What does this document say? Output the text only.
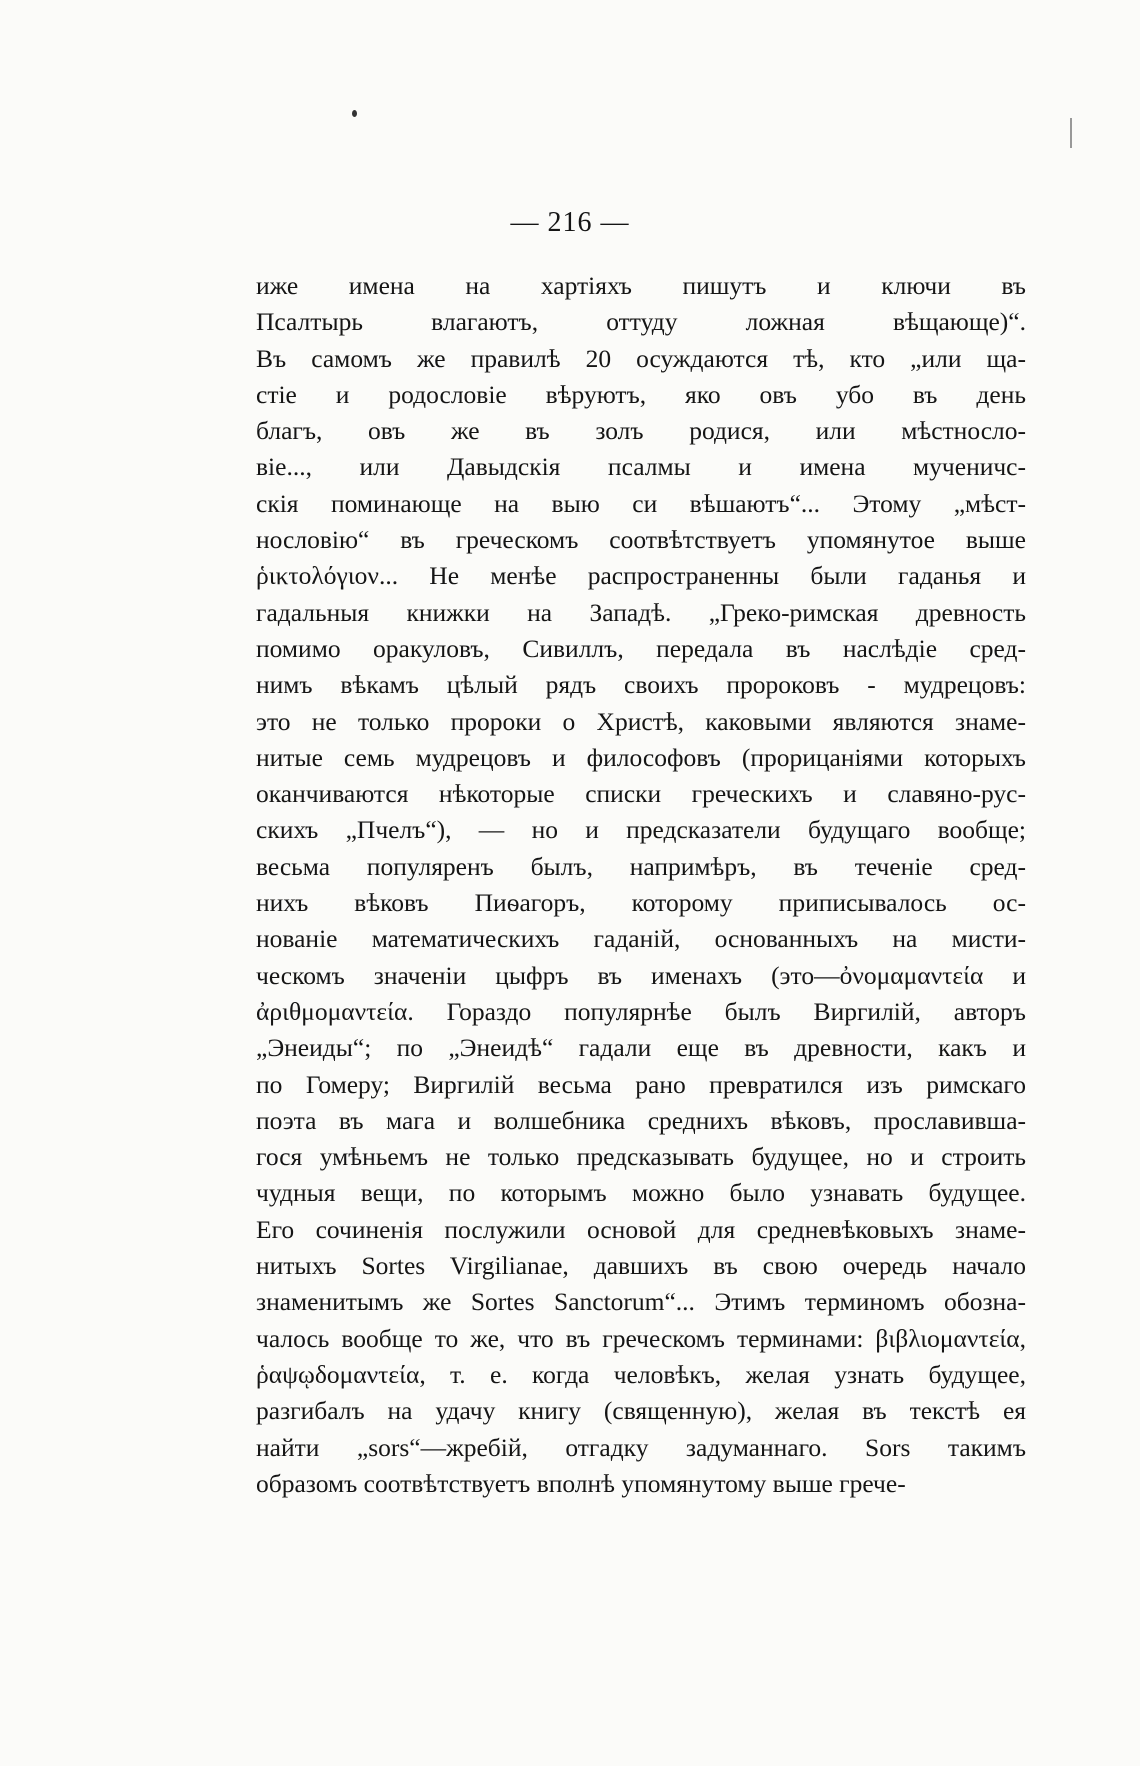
— 216 —
иже имена на хартіяхъ пишутъ и ключи въ
Псалтырь влагаютъ, оттуду ложная вѣщающе)“.
Въ самомъ же правилѣ 20 осуждаются тѣ, кто „или ща-
стіе и родословіе вѣруютъ, яко овъ убо въ день
благъ, овъ же въ золъ родися, или мѣстносло-
віе..., или Давыдскія псалмы и имена мученичс-
скія поминающе на выю си вѣшаютъ“... Этому „мѣст-
нословію“ въ греческомъ соотвѣтствуетъ упомянутое выше
ῥικτολόγιον... Не менѣе распространенны были гаданья и
гадальныя книжки на Западѣ. „Греко-римская древность
помимо оракуловъ, Сивиллъ, передала въ наслѣдіе сред-
нимъ вѣкамъ цѣлый рядъ своихъ пророковъ - мудрецовъ:
это не только пророки о Христѣ, каковыми являются знаме-
нитые семь мудрецовъ и философовъ (прорицаніями которыхъ
оканчиваются нѣкоторые списки греческихъ и славяно-рус-
скихъ „Пчелъ“), — но и предсказатели будущаго вообще;
весьма популяренъ былъ, напримѣръ, въ теченіе сред-
нихъ вѣковъ Пиѳагоръ, которому приписывалось ос-
нованіе математическихъ гаданій, основанныхъ на мисти-
ческомъ значеніи цыфръ въ именахъ (это—ὀνομαμαντεία и
ἀριθμομαντεία. Гораздо популярнѣе былъ Виргилій, авторъ
„Энеиды“; по „Энеидѣ“ гадали еще въ древности, какъ и
по Гомеру; Виргилій весьма рано превратился изъ римскаго
поэта въ мага и волшебника среднихъ вѣковъ, прославивша-
гося умѣньемъ не только предсказывать будущее, но и строить
чудныя вещи, по которымъ можно было узнавать будущее.
Его сочиненія послужили основой для средневѣковыхъ знаме-
нитыхъ Sortes Virgilianae, давшихъ въ свою очередь начало
знаменитымъ же Sortes Sanctorum“... Этимъ терминомъ обозна-
чалось вообще то же, что въ греческомъ терминами: βιβλιομαντεία,
ῥαψῳδομαντεία, т. е. когда человѣкъ, желая узнать будущее,
разгибалъ на удачу книгу (священную), желая въ текстѣ ея
найти „sors“—жребій, отгадку задуманнаго. Sors такимъ
образомъ соотвѣтствуетъ вполнѣ упомянутому выше грече-
